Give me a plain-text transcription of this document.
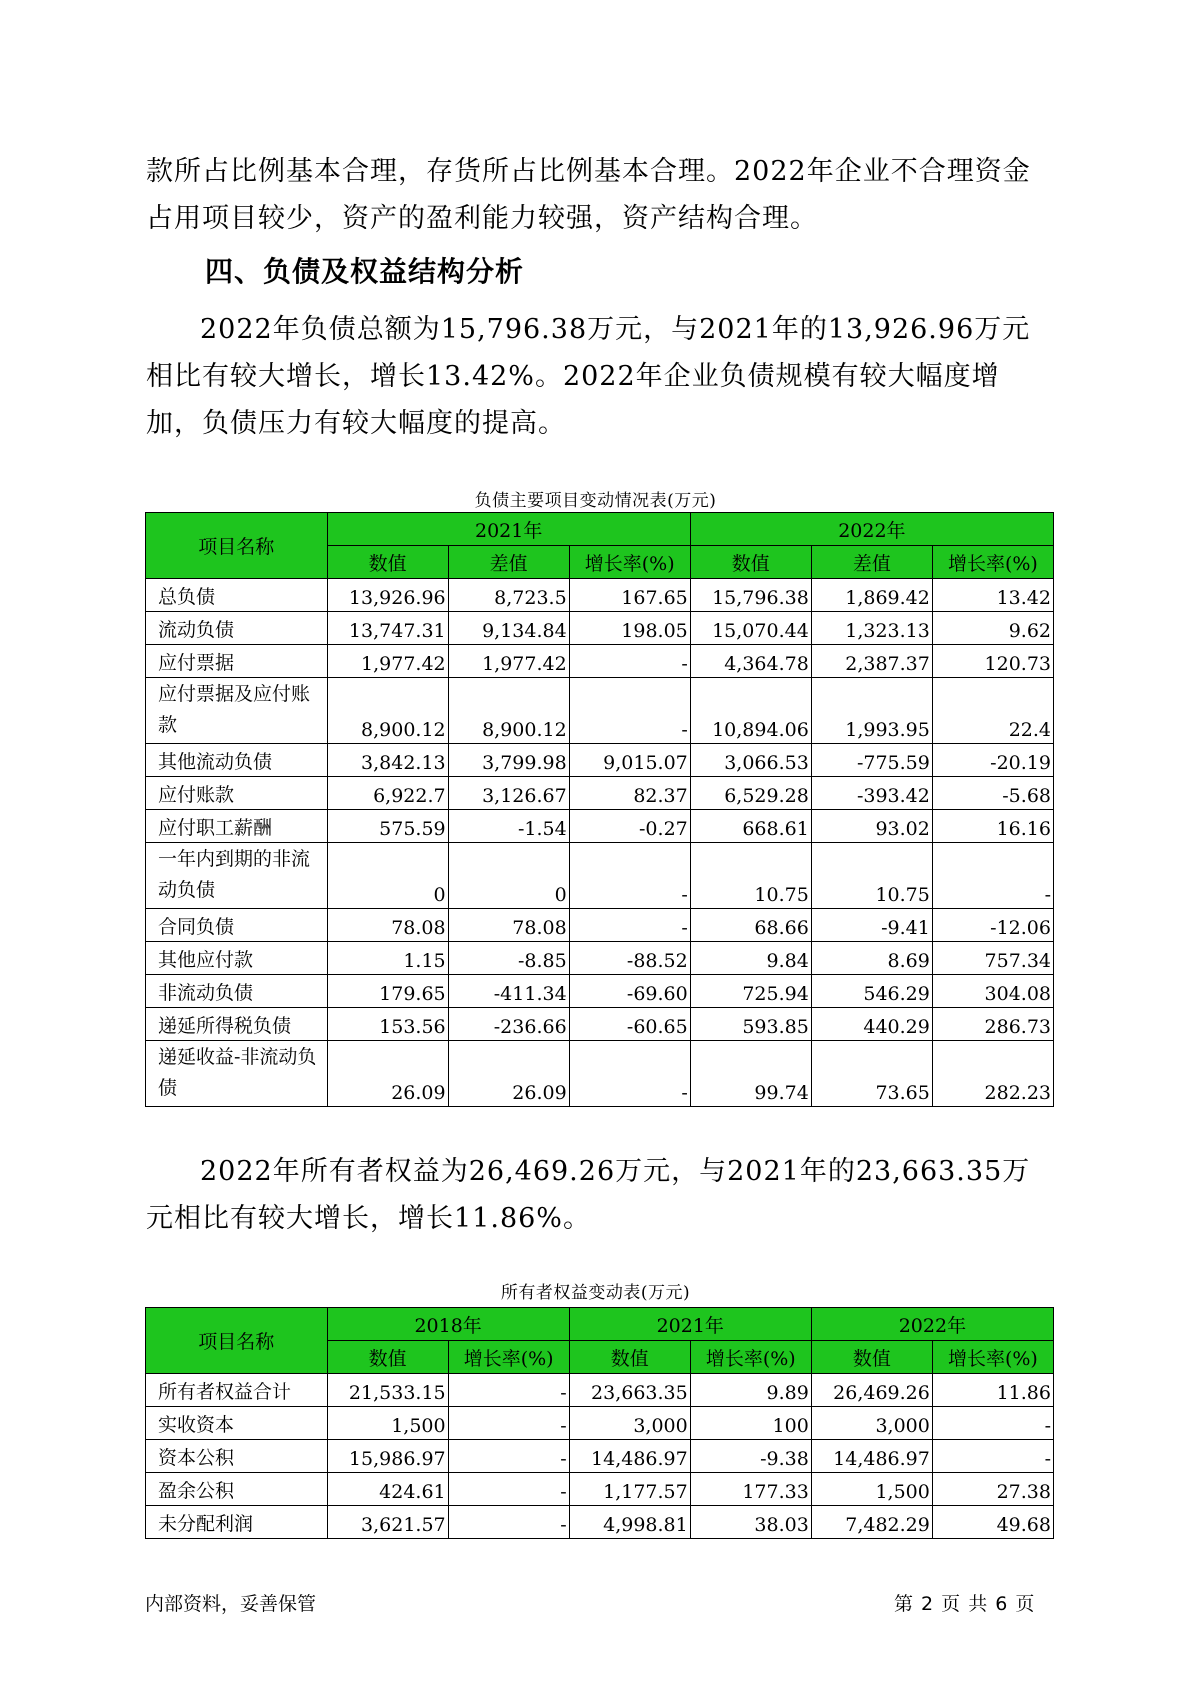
款所占比例基本合理，存货所占比例基本合理。2022年企业不合理资金占用项目较少，资产的盈利能力较强，资产结构合理。
四、负债及权益结构分析
2022年负债总额为15,796.38万元，与2021年的13,926.96万元相比有较大增长，增长13.42%。2022年企业负债规模有较大幅度增加，负债压力有较大幅度的提高。
负债主要项目变动情况表(万元)
项目名称	2021年			2022年		
	数值	差值	增长率(%)	数值	差值	增长率(%)
总负债	13,926.96	8,723.5	167.65	15,796.38	1,869.42	13.42
流动负债	13,747.31	9,134.84	198.05	15,070.44	1,323.13	9.62
应付票据	1,977.42	1,977.42	-	4,364.78	2,387.37	120.73
应付票据及应付账款	8,900.12	8,900.12	-	10,894.06	1,993.95	22.4
其他流动负债	3,842.13	3,799.98	9,015.07	3,066.53	-775.59	-20.19
应付账款	6,922.7	3,126.67	82.37	6,529.28	-393.42	-5.68
应付职工薪酬	575.59	-1.54	-0.27	668.61	93.02	16.16
一年内到期的非流动负债	0	0	-	10.75	10.75	-
合同负债	78.08	78.08	-	68.66	-9.41	-12.06
其他应付款	1.15	-8.85	-88.52	9.84	8.69	757.34
非流动负债	179.65	-411.34	-69.60	725.94	546.29	304.08
递延所得税负债	153.56	-236.66	-60.65	593.85	440.29	286.73
递延收益-非流动负债	26.09	26.09	-	99.74	73.65	282.23
2022年所有者权益为26,469.26万元，与2021年的23,663.35万元相比有较大增长，增长11.86%。
所有者权益变动表(万元)
项目名称	2018年		2021年		2022年	
	数值	增长率(%)	数值	增长率(%)	数值	增长率(%)
所有者权益合计	21,533.15	-	23,663.35	9.89	26,469.26	11.86
实收资本	1,500	-	3,000	100	3,000	-
资本公积	15,986.97	-	14,486.97	-9.38	14,486.97	-
盈余公积	424.61	-	1,177.57	177.33	1,500	27.38
未分配利润	3,621.57	-	4,998.81	38.03	7,482.29	49.68
内部资料，妥善保管	第 2 页 共 6 页
